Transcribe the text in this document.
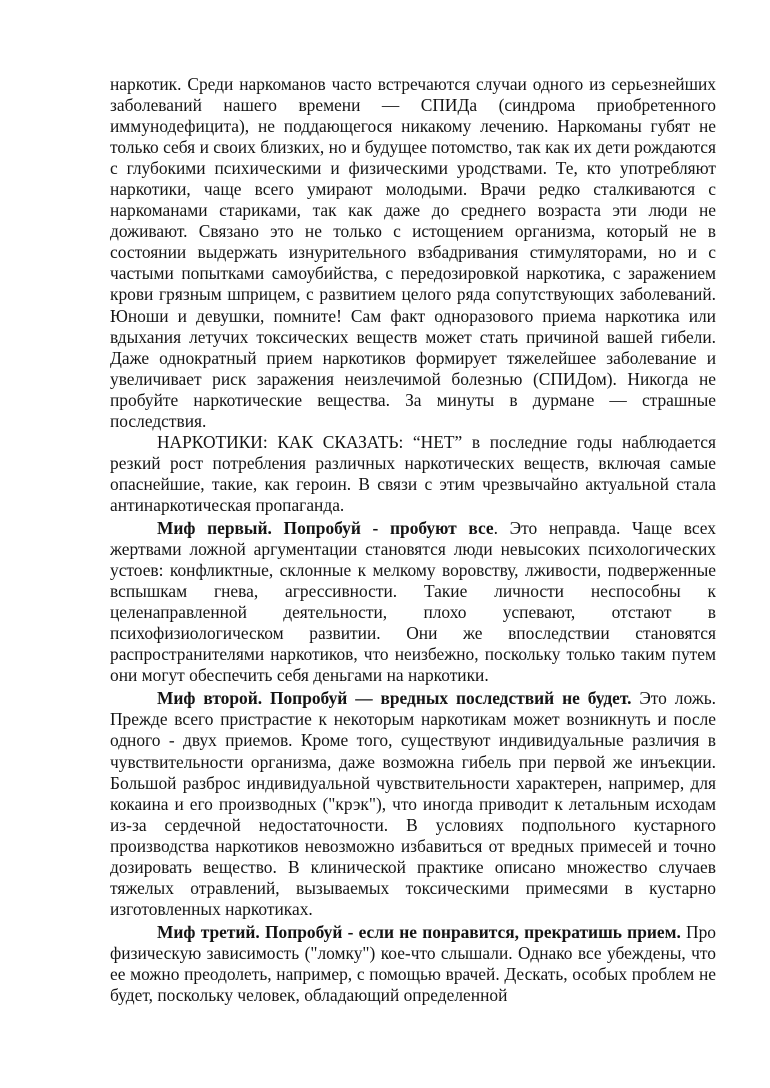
наркотик. Среди наркоманов часто встречаются случаи одного из серьезнейших заболеваний нашего времени — СПИДа (синдрома приобретенного иммунодефицита), не поддающегося никакому лечению. Наркоманы губят не только себя и своих близких, но и будущее потомство, так как их дети рождаются с глубокими психическими и физическими уродствами. Те, кто употребляют наркотики, чаще всего умирают молодыми. Врачи редко сталкиваются с наркоманами стариками, так как даже до среднего возраста эти люди не доживают. Связано это не только с истощением организма, который не в состоянии выдержать изнурительного взбадривания стимуляторами, но и с частыми попытками самоубийства, с передозировкой наркотика, с заражением крови грязным шприцем, с развитием целого ряда сопутствующих заболеваний. Юноши и девушки, помните! Сам факт одноразового приема наркотика или вдыхания летучих токсических веществ может стать причиной вашей гибели. Даже однократный прием наркотиков формирует тяжелейшее заболевание и увеличивает риск заражения неизлечимой болезнью (СПИДом). Никогда не пробуйте наркотические вещества. За минуты в дурмане — страшные последствия.

НАРКОТИКИ: КАК СКАЗАТЬ: “НЕТ” в последние годы наблюдается резкий рост потребления различных наркотических веществ, включая самые опаснейшие, такие, как героин. В связи с этим чрезвычайно актуальной стала антинаркотическая пропаганда.

Миф первый. Попробуй - пробуют все. Это неправда. Чаще всех жертвами ложной аргументации становятся люди невысоких психологических устоев: конфликтные, склонные к мелкому воровству, лживости, подверженные вспышкам гнева, агрессивности. Такие личности неспособны к целенаправленной деятельности, плохо успевают, отстают в психофизиологическом развитии. Они же впоследствии становятся распространителями наркотиков, что неизбежно, поскольку только таким путем они могут обеспечить себя деньгами на наркотики.

Миф второй. Попробуй — вредных последствий не будет. Это ложь. Прежде всего пристрастие к некоторым наркотикам может возникнуть и после одного - двух приемов. Кроме того, существуют индивидуальные различия в чувствительности организма, даже возможна гибель при первой же инъекции. Большой разброс индивидуальной чувствительности характерен, например, для кокаина и его производных ("крэк"), что иногда приводит к летальным исходам из-за сердечной недостаточности. В условиях подпольного кустарного производства наркотиков невозможно избавиться от вредных примесей и точно дозировать вещество. В клинической практике описано множество случаев тяжелых отравлений, вызываемых токсическими примесями в кустарно изготовленных наркотиках.

Миф третий. Попробуй - если не понравится, прекратишь прием. Про физическую зависимость ("ломку") кое-что слышали. Однако все убеждены, что ее можно преодолеть, например, с помощью врачей. Дескать, особых проблем не будет, поскольку человек, обладающий определенной
